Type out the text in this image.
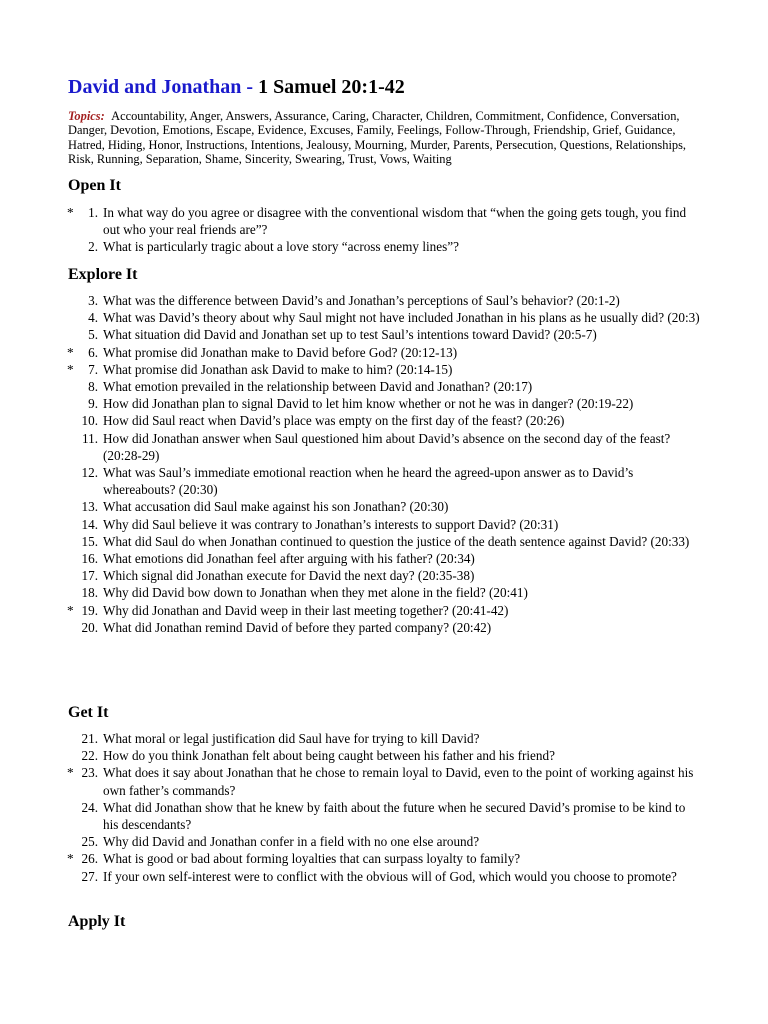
David and Jonathan - 1 Samuel 20:1-42
Topics: Accountability, Anger, Answers, Assurance, Caring, Character, Children, Commitment, Confidence, Conversation, Danger, Devotion, Emotions, Escape, Evidence, Excuses, Family, Feelings, Follow-Through, Friendship, Grief, Guidance, Hatred, Hiding, Honor, Instructions, Intentions, Jealousy, Mourning, Murder, Parents, Persecution, Questions, Relationships, Risk, Running, Separation, Shame, Sincerity, Swearing, Trust, Vows, Waiting
Open It
*	1. In what way do you agree or disagree with the conventional wisdom that “when the going gets tough, you find out who your real friends are”?
2. What is particularly tragic about a love story “across enemy lines”?
Explore It
3. What was the difference between David’s and Jonathan’s perceptions of Saul’s behavior? (20:1-2)
4. What was David’s theory about why Saul might not have included Jonathan in his plans as he usually did? (20:3)
5. What situation did David and Jonathan set up to test Saul’s intentions toward David? (20:5-7)
*	6. What promise did Jonathan make to David before God? (20:12-13)
*	7. What promise did Jonathan ask David to make to him? (20:14-15)
8. What emotion prevailed in the relationship between David and Jonathan? (20:17)
9. How did Jonathan plan to signal David to let him know whether or not he was in danger? (20:19-22)
10. How did Saul react when David’s place was empty on the first day of the feast? (20:26)
11. How did Jonathan answer when Saul questioned him about David’s absence on the second day of the feast? (20:28-29)
12. What was Saul’s immediate emotional reaction when he heard the agreed-upon answer as to David’s whereabouts? (20:30)
13. What accusation did Saul make against his son Jonathan? (20:30)
14. Why did Saul believe it was contrary to Jonathan’s interests to support David? (20:31)
15. What did Saul do when Jonathan continued to question the justice of the death sentence against David? (20:33)
16. What emotions did Jonathan feel after arguing with his father? (20:34)
17. Which signal did Jonathan execute for David the next day? (20:35-38)
18. Why did David bow down to Jonathan when they met alone in the field? (20:41)
* 19. Why did Jonathan and David weep in their last meeting together? (20:41-42)
20. What did Jonathan remind David of before they parted company? (20:42)
Get It
21. What moral or legal justification did Saul have for trying to kill David?
22. How do you think Jonathan felt about being caught between his father and his friend?
* 23. What does it say about Jonathan that he chose to remain loyal to David, even to the point of working against his own father’s commands?
24. What did Jonathan show that he knew by faith about the future when he secured David’s promise to be kind to his descendants?
25. Why did David and Jonathan confer in a field with no one else around?
* 26. What is good or bad about forming loyalties that can surpass loyalty to family?
27. If your own self-interest were to conflict with the obvious will of God, which would you choose to promote?
Apply It
